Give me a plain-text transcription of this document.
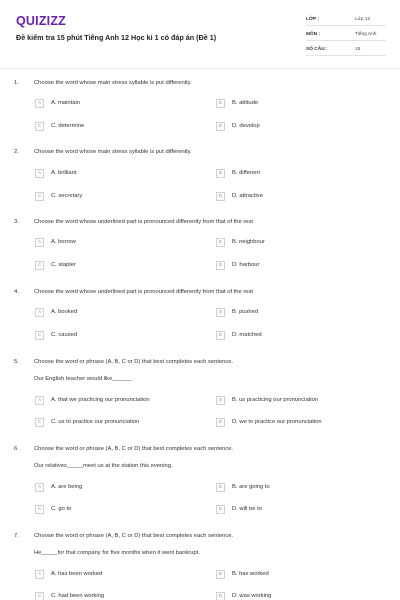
QUIZIZZ
Đề kiểm tra 15 phút Tiếng Anh 12 Học kì 1 có đáp án (Đề 1)
LỚP :	Lớp 12
MÔN :	Tiếng Anh
SỐ CÂU :	15
1.	Choose the word whose main stress syllable is put differently.
A	A. maintain	B	B. attitude
C	C. determine	D	D. develop
2.	Choose the word whose main stress syllable is put differently.
A	A. brilliant	B	B. different
C	C. secretary	D	D. attractive
3.	Choose the word whose underlined part is pronounced differently from that of the rest
A	A. borrow	B	B. neighbour
C	C. stapler	D	D. harbour
4.	Choose the word whose underlined part is pronounced differently from that of the rest
A	A. booked	B	B. pushed
C	C. caused	D	D. matched
5.	Choose the word or phrase (A, B, C or D) that best completes each sentence.
Our English teacher would like______
A	A. that we practicing our pronunciation	B	B. us practicing our pronunciation
C	C. us to practice our pronunciation	D	D. we to practice our pronunciation
6.	Choose the word or phrase (A, B, C or D) that best completes each sentence.
Our relatives_____meet us at the station this evening.
A	A. are being	B	B. are going to
C	C. go to	D	D. will be to
7.	Choose the word or phrase (A, B, C or D) that best completes each sentence.
He_____for that company for five months when it went bankrupt.
A	A. has been worked	B	B. has worked
C	C. had been working	D	D. was working
